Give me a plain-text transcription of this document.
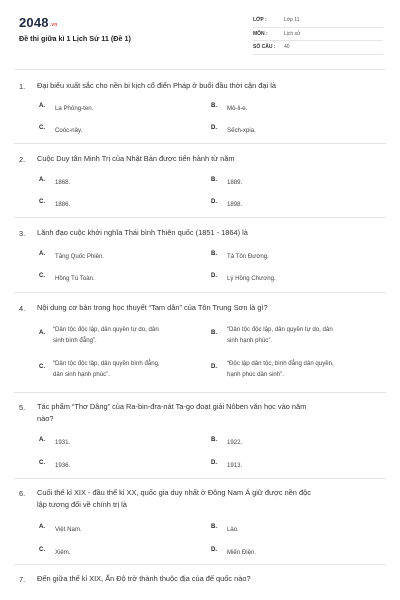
2048.vn
Đề thi giữa kì 1 Lịch Sử 11 (Đề 1)
LỚP :	Lớp 11
MÔN :	Lịch sử
SỐ CÂU : 40
1. Đại biểu xuất sắc cho nền bi kịch cổ điển Pháp ở buổi đầu thời cận đại là
A. La Phông-ten.	B. Mô-li-e.
C. Coóc-nây.	D. Sếch-xpia.
2. Cuộc Duy tân Minh Trị của Nhật Bản được tiến hành từ năm
A. 1868.	B. 1889.
C. 1886.	D. 1898.
3. Lãnh đạo cuộc khởi nghĩa Thái bình Thiên quốc (1851 - 1864) là
A. Tăng Quốc Phiên.	B. Tả Tôn Đường.
C. Hồng Tú Toàn.	D. Lý Hồng Chương.
4. Nội dung cơ bản trong học thuyết “Tam dân” của Tôn Trung Sơn là gì?
A. “Dân tộc độc lập, dân quyền tự do, dân
sinh bình đẳng”.
B. “Dân tộc độc lập, dân quyền tự do, dân
sinh hạnh phúc”.
C. “Dân tộc độc lập, dân quyền bình đẳng,
dân sinh hạnh phúc”.
D. “Độc lập dân tộc, bình đẳng dân quyền,
hạnh phúc dân sinh”.
5. Tác phẩm “Thơ Dâng” của Ra-bin-đra-nát Ta-go đoạt giải Nôben văn học vào năm
nào?
A. 1931.	B. 1922.
C. 1936.	D. 1913.
6. Cuối thế kỉ XIX - đầu thế kỉ XX, quốc gia duy nhất ở Đông Nam Á giữ được nền độc
lập tương đối về chính trị là
A. Việt Nam.	B. Lào.
C. Xiêm.	D. Miến Điện.
7. Đến giữa thế kỉ XIX, Ấn Độ trở thành thuộc địa của đế quốc nào?
